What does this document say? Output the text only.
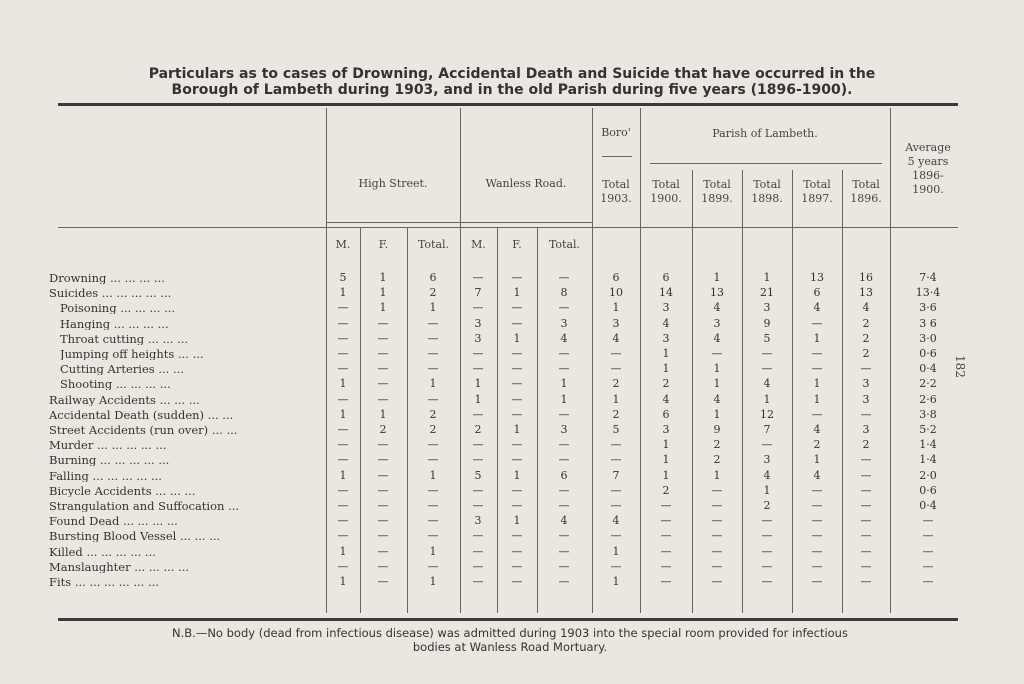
Particulars as to cases of Drowning, Accidental Death and Suicide that have occurred in the
Borough of Lambeth during 1903, and in the old Parish during five years (1896-1900).
182
High Street.	Wanless Road.
Boro'	Parish of Lambeth.
Average
5 years
1896-
1900.
Total
1903.
Total
1900.
Total
1899.
Total
1898.
Total
1897.
Total
1896.
M.	F.	Total.	M.	F.	Total.
Drowning ... ... ... ...	5	1	6	—	—	—	6	6	1	1	13	16	7·4
Suicides ... ... ... ... ...	1	1	2	7	1	8	10	14	13	21	6	13	13·4
Poisoning ... ... ... ...	—	1	1	—	—	—	1	3	4	3	4	4	3·6
Hanging ... ... ... ...	—	—	—	3	—	3	3	4	3	9	—	2	3 6
Throat cutting ... ... ...	—	—	—	3	1	4	4	3	4	5	1	2	3·0
Jumping off heights ... ...	—	—	—	—	—	—	—	1	—	—	—	2	0·6
Cutting Arteries ... ...	—	—	—	—	—	—	—	1	1	—	—	—	0·4
Shooting ... ... ... ...	1	—	1	1	—	1	2	2	1	4	1	3	2·2
Railway Accidents ... ... ...	—	—	—	1	—	1	1	4	4	1	1	3	2·6
Accidental Death (sudden) ... ...	1	1	2	—	—	—	2	6	1	12	—	—	3·8
Street Accidents (run over) ... ...	—	2	2	2	1	3	5	3	9	7	4	3	5·2
Murder ... ... ... ... ...	—	—	—	—	—	—	—	1	2	—	2	2	1·4
Burning ... ... ... ... ...	—	—	—	—	—	—	—	1	2	3	1	—	1·4
Falling ... ... ... ... ...	1	—	1	5	1	6	7	1	1	4	4	—	2·0
Bicycle Accidents ... ... ...	—	—	—	—	—	—	—	2	—	1	—	—	0·6
Strangulation and Suffocation ...	—	—	—	—	—	—	—	—	—	2	—	—	0·4
Found Dead ... ... ... ...	—	—	—	3	1	4	4	—	—	—	—	—	—
Bursting Blood Vessel ... ... ...	—	—	—	—	—	—	—	—	—	—	—	—	—
Killed ... ... ... ... ...	1	—	1	—	—	—	1	—	—	—	—	—	—
Manslaughter ... ... ... ...	—	—	—	—	—	—	—	—	—	—	—	—	—
Fits ... ... ... ... ... ...	1	—	1	—	—	—	1	—	—	—	—	—	—
N.B.—No body (dead from infectious disease) was admitted during 1903 into the special room provided for infectious
bodies at Wanless Road Mortuary.
